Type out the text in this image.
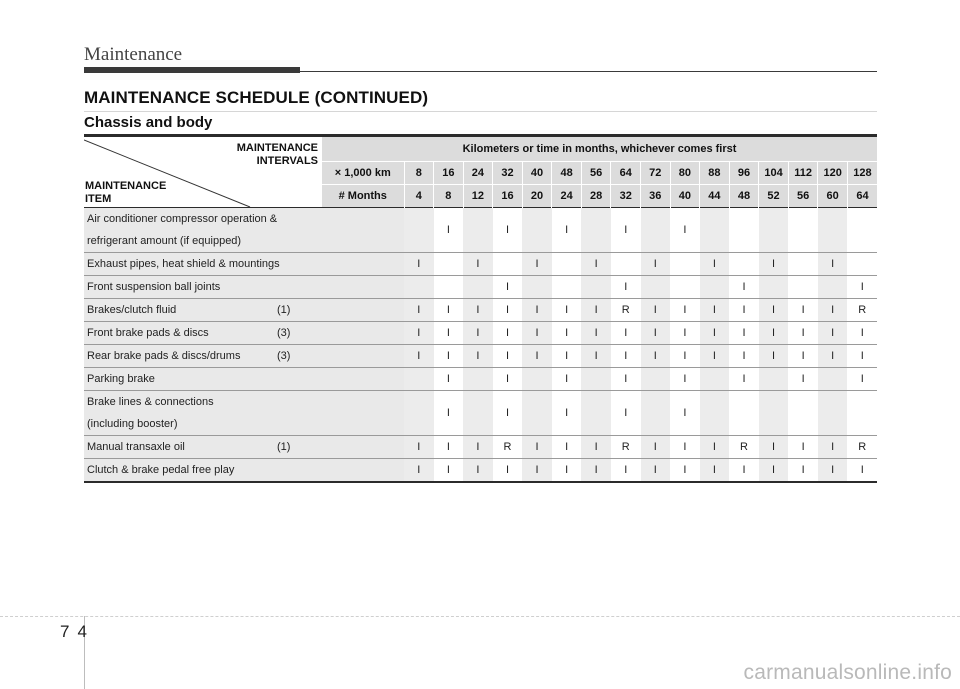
Maintenance
MAINTENANCE SCHEDULE (CONTINUED)
Chassis and body
MAINTENANCE
INTERVALS
MAINTENANCE
ITEM	Kilometers or time in months, whichever comes first																
	× 1,000 km	8	16	24	32	40	48	56	64	72	80	88	96	104	112	120	128
	# Months	4	8	12	16	20	24	28	32	36	40	44	48	52	56	60	64

Air conditioner compressor operation &
refrigerant amount (if equipped)			I		I		I		I		I						

Exhaust pipes, heat shield & mountings		I		I		I		I		I		I		I		I	

Front suspension ball joints					I				I				I				I

Brakes/clutch fluid (1)		I	I	I	I	I	I	I	R	I	I	I	I	I	I	I	R

Front brake pads & discs (3)		I	I	I	I	I	I	I	I	I	I	I	I	I	I	I	I

Rear brake pads & discs/drums (3)		I	I	I	I	I	I	I	I	I	I	I	I	I	I	I	I

Parking brake			I		I		I		I		I		I		I		I

Brake lines & connections
(including booster)			I		I		I		I		I						

Manual transaxle oil (1)		I	I	I	R	I	I	I	R	I	I	I	R	I	I	I	R

Clutch & brake pedal free play		I	I	I	I	I	I	I	I	I	I	I	I	I	I	I	I
74
carmanualsonline.info
